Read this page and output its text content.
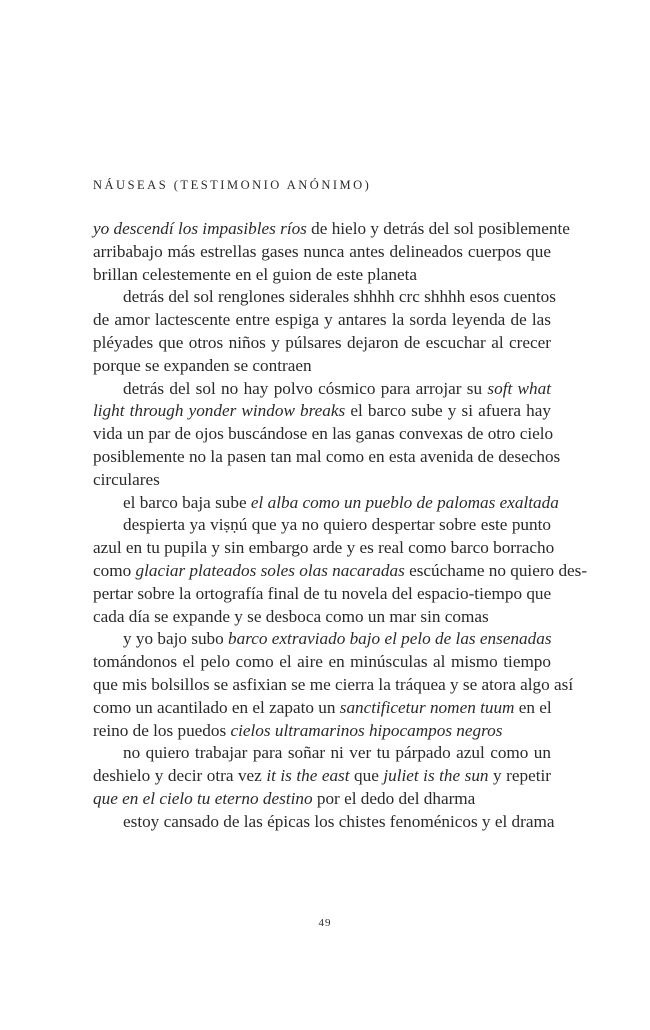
NÁUSEAS (TESTIMONIO ANÓNIMO)
yo descendí los impasibles ríos de hielo y detrás del sol posiblemente
arribabajo más estrellas gases nunca antes delineados cuerpos que
brillan celestemente en el guion de este planeta
detrás del sol renglones siderales shhhh crc shhhh esos cuentos
de amor lactescente entre espiga y antares la sorda leyenda de las
pléyades que otros niños y púlsares dejaron de escuchar al crecer
porque se expanden se contraen
detrás del sol no hay polvo cósmico para arrojar su soft what
light through yonder window breaks el barco sube y si afuera hay
vida un par de ojos buscándose en las ganas convexas de otro cielo
posiblemente no la pasen tan mal como en esta avenida de desechos
circulares
el barco baja sube el alba como un pueblo de palomas exaltada
despierta ya viṣṇú que ya no quiero despertar sobre este punto
azul en tu pupila y sin embargo arde y es real como barco borracho
como glaciar plateados soles olas nacaradas escúchame no quiero des-
pertar sobre la ortografía final de tu novela del espacio-tiempo que
cada día se expande y se desboca como un mar sin comas
y yo bajo subo barco extraviado bajo el pelo de las ensenadas
tomándonos el pelo como el aire en minúsculas al mismo tiempo
que mis bolsillos se asfixian se me cierra la tráquea y se atora algo así
como un acantilado en el zapato un sanctificetur nomen tuum en el
reino de los puedos cielos ultramarinos hipocampos negros
no quiero trabajar para soñar ni ver tu párpado azul como un
deshielo y decir otra vez it is the east que juliet is the sun y repetir
que en el cielo tu eterno destino por el dedo del dharma
estoy cansado de las épicas los chistes fenoménicos y el drama
49
